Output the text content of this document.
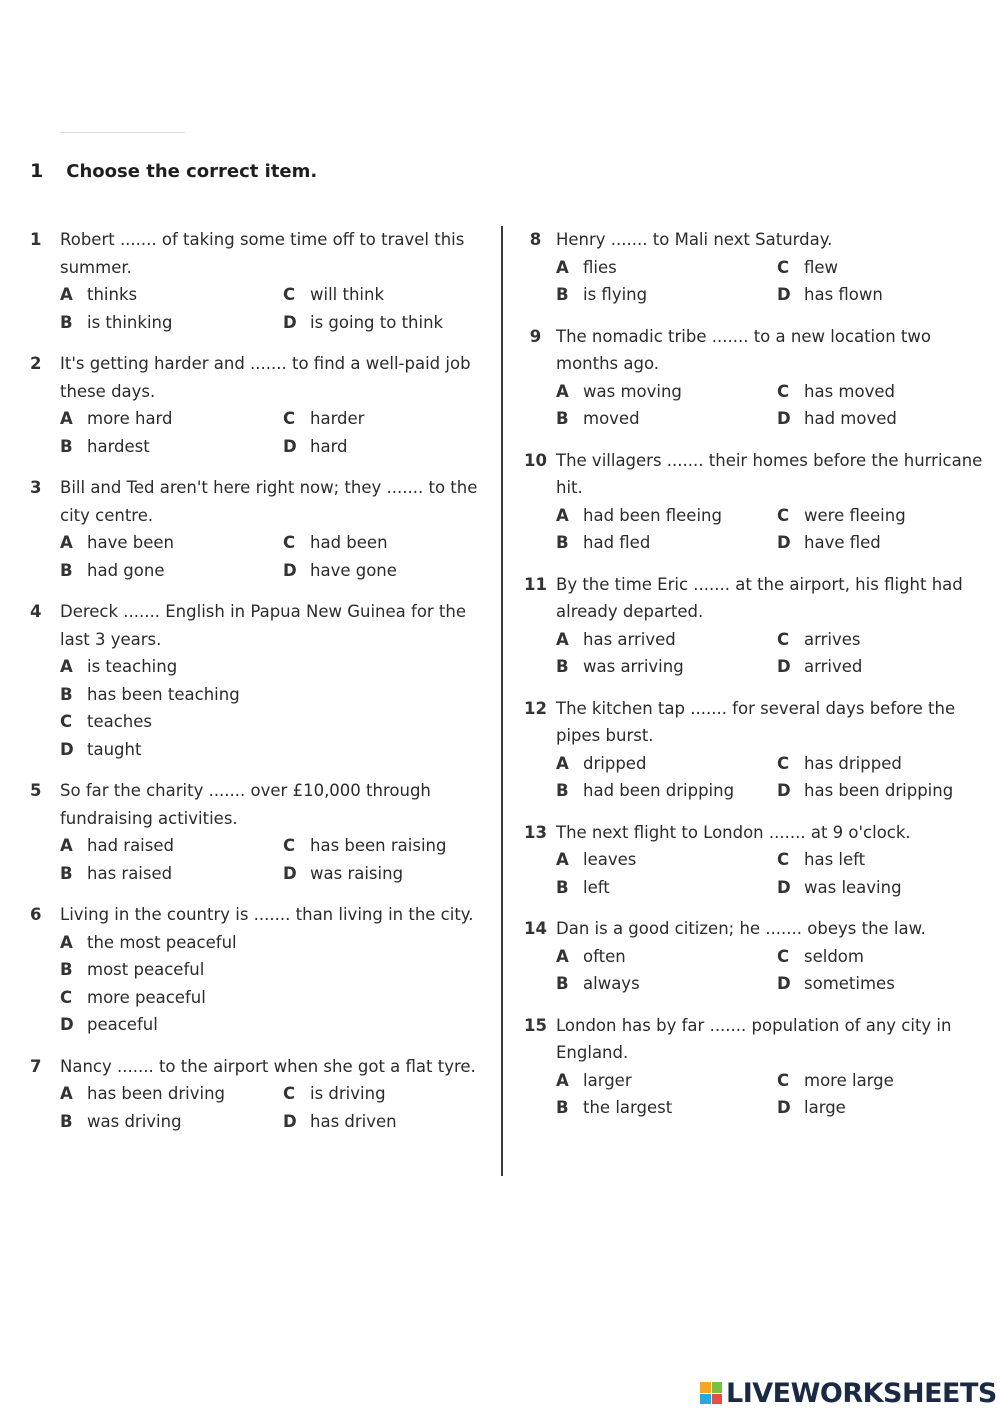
1 Choose the correct item.
1	Robert ....... of taking some time off to travel this summer.
A thinks	C will think
B is thinking	D is going to think
2	It's getting harder and ....... to find a well-paid job these days.
A more hard	C harder
B hardest	D hard
3	Bill and Ted aren't here right now; they ....... to the city centre.
A have been	C had been
B had gone	D have gone
4	Dereck ....... English in Papua New Guinea for the last 3 years.
A is teaching
B has been teaching
C teaches
D taught
5	So far the charity ....... over £10,000 through fundraising activities.
A had raised	C has been raising
B has raised	D was raising
6	Living in the country is ....... than living in the city.
A the most peaceful
B most peaceful
C more peaceful
D peaceful
7	Nancy ....... to the airport when she got a flat tyre.
A has been driving	C is driving
B was driving	D has driven
8 Henry ....... to Mali next Saturday.
A flies	C flew
B is flying	D has flown
9 The nomadic tribe ....... to a new location two months ago.
A was moving	C has moved
B moved	D had moved
10 The villagers ....... their homes before the hurricane hit.
A had been fleeing	C were fleeing
B had fled	D have fled
11 By the time Eric ....... at the airport, his flight had already departed.
A has arrived	C arrives
B was arriving	D arrived
12 The kitchen tap ....... for several days before the pipes burst.
A dripped	C has dripped
B had been dripping	D has been dripping
13 The next flight to London ....... at 9 o'clock.
A leaves	C has left
B left	D was leaving
14 Dan is a good citizen; he ....... obeys the law.
A often	C seldom
B always	D sometimes
15 London has by far ....... population of any city in England.
A larger	C more large
B the largest	D large
LIVEWORKSHEETS
